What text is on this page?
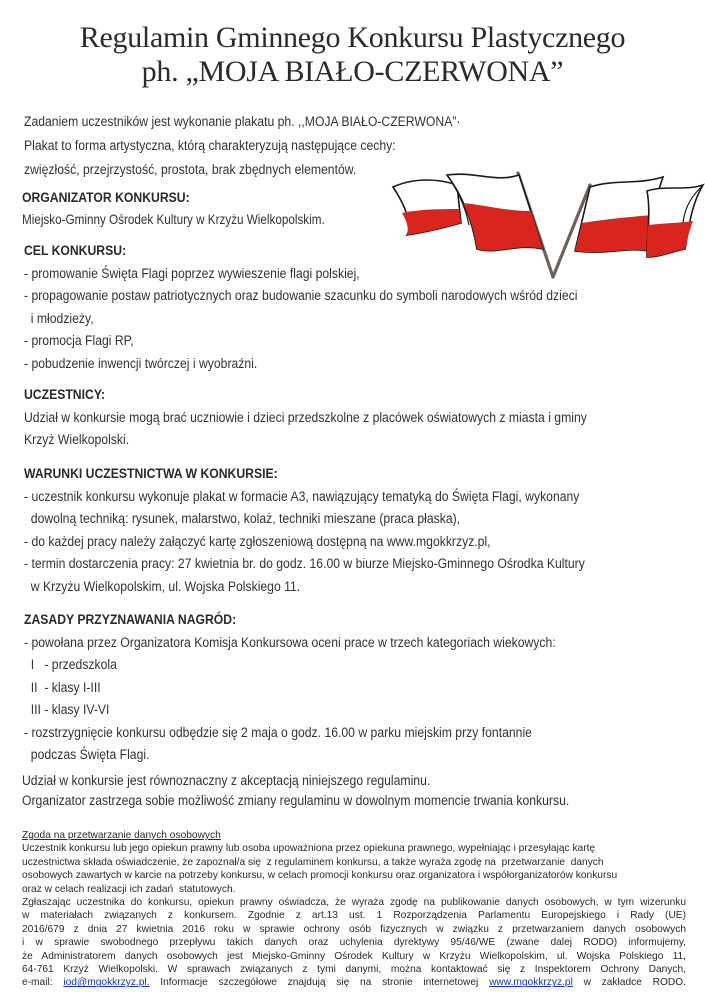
Regulamin Gminnego Konkursu Plastycznego
ph. „MOJA BIAŁO-CZERWONA”
Zadaniem uczestników jest wykonanie plakatu ph. ,,MOJA BIAŁO-CZERWONA”·
Plakat to forma artystyczna, którą charakteryzują następujące cechy:
zwięzłość, przejrzystość, prostota, brak zbędnych elementów.
ORGANIZATOR KONKURSU:
Miejsko-Gminny Ośrodek Kultury w Krzyżu Wielkopolskim.
CEL KONKURSU:
- promowanie Święta Flagi poprzez wywieszenie flagi polskiej,
- propagowanie postaw patriotycznych oraz budowanie szacunku do symboli narodowych wśród dzieci
i młodzieży,
- promocja Flagi RP,
- pobudzenie inwencji twórczej i wyobraźni.
UCZESTNICY:
Udział w konkursie mogą brać uczniowie i dzieci przedszkolne z placówek oświatowych z miasta i gminy
Krzyż Wielkopolski.
WARUNKI UCZESTNICTWA W KONKURSIE:
- uczestnik konkursu wykonuje plakat w formacie A3, nawiązujący tematyką do Święta Flagi, wykonany
dowolną techniką: rysunek, malarstwo, kolaż, techniki mieszane (praca płaska),
- do każdej pracy należy załączyć kartę zgłoszeniową dostępną na www.mgokkrzyz.pl,
- termin dostarczenia pracy: 27 kwietnia br. do godz. 16.00 w biurze Miejsko-Gminnego Ośrodka Kultury
w Krzyżu Wielkopolskim, ul. Wojska Polskiego 11.
ZASADY PRZYZNAWANIA NAGRÓD:
- powołana przez Organizatora Komisja Konkursowa oceni prace w trzech kategoriach wiekowych:
I   - przedszkola
II  - klasy I-III
III - klasy IV-VI
- rozstrzygnięcie konkursu odbędzie się 2 maja o godz. 16.00 w parku miejskim przy fontannie
podczas Święta Flagi.
Udział w konkursie jest równoznaczny z akceptacją niniejszego regulaminu.
Organizator zastrzega sobie możliwość zmiany regulaminu w dowolnym momencie trwania konkursu.
Zgoda na przetwarzanie danych osobowych
Uczestnik konkursu lub jego opiekun prawny lub osoba upoważniona przez opiekuna prawnego, wypełniając i przesyłając kartę
uczestnictwa składa oświadczenie, że zapoznał/a się  z regulaminem konkursu, a także wyraża zgodę na  przetwarzanie  danych
osobowych zawartych w karcie na potrzeby konkursu, w celach promocji konkursu oraz organizatora i współorganizatorów konkursu
oraz w celach realizacji ich zadań  statutowych.
Zgłaszając uczestnika do konkursu, opiekun prawny oświadcza, że wyraża zgodę na publikowanie danych osobowych, w tym wizerunku
w materiałach związanych z konkursem. Zgodnie z art.13 ust. 1 Rozporządzenia Parlamentu Europejskiego i Rady (UE)
2016/679 z dnia 27 kwietnia 2016 roku w sprawie ochrony osób fizycznych w związku z przetwarzaniem danych osobowych
i w sprawie swobodnego przepływu takich danych oraz uchylenia dyrektywy 95/46/WE (zwane dalej RODO) informujemy,
że Administratorem danych osobowych jest Miejsko-Gminny Ośrodek Kultury w Krzyżu Wielkopolskim, ul. Wojska Polskiego 11,
64-761 Krzyż Wielkopolski. W sprawach związanych z tymi danymi, można kontaktować się z Inspektorem Ochrony Danych,
e-mail: iod@mgokkrzyz.pl. Informacje szczegółowe znajdują się na stronie internetowej www.mgokkrzyz.pl w zakładce RODO.
